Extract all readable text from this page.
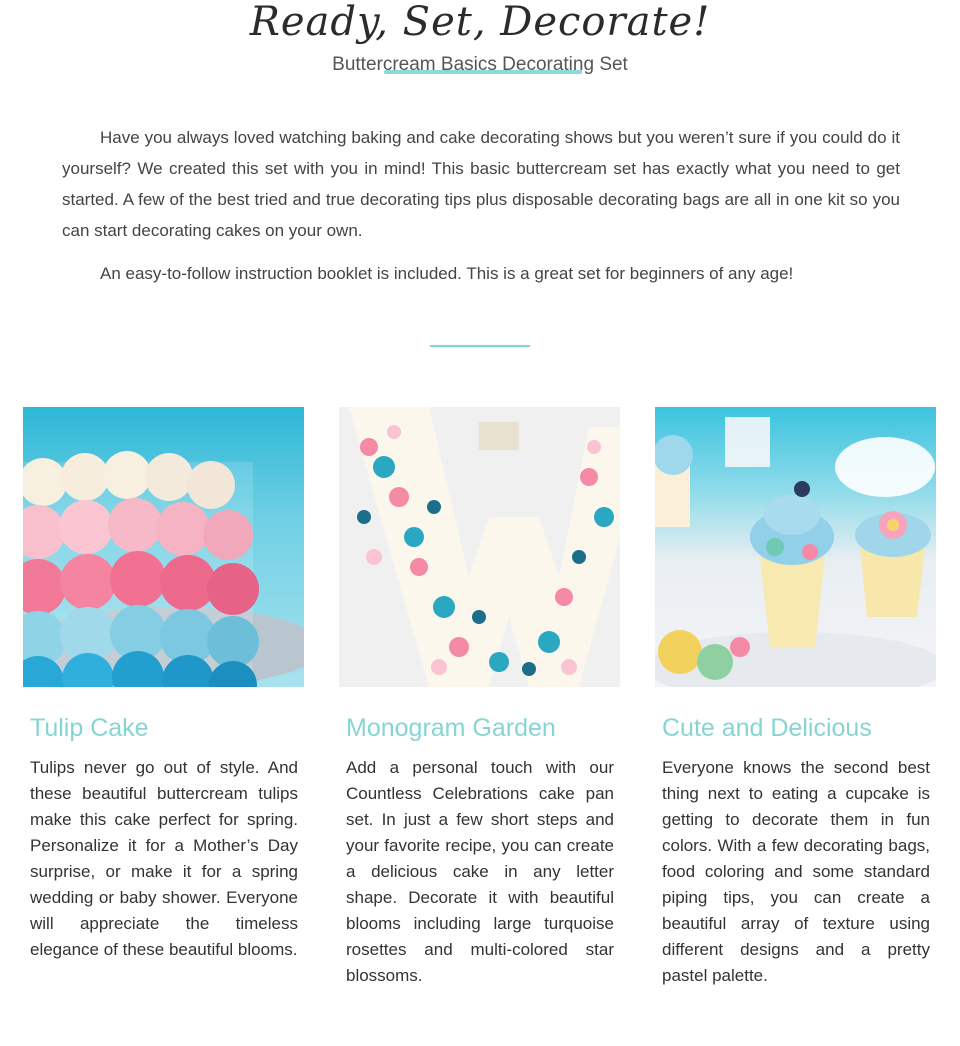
Ready, Set, Decorate!
Buttercream Basics Decorating Set

Have you always loved watching baking and cake decorating shows but you weren’t sure if you could do it yourself? We created this set with you in mind! This basic buttercream set has exactly what you need to get started. A few of the best tried and true decorating tips plus disposable decorating bags are all in one kit so you can start decorating cakes on your own.

An easy-to-follow instruction booklet is included. This is a great set for beginners of any age!

Tulip Cake

Tulips never go out of style. And these beautiful buttercream tulips make this cake perfect for spring. Personalize it for a Mother’s Day surprise, or make it for a spring wedding or baby shower. Everyone will appreciate the timeless elegance of these beautiful blooms.

Monogram Garden

Add a personal touch with our Countless Celebrations cake pan set. In just a few short steps and your favorite recipe, you can create a delicious cake in any letter shape. Decorate it with beautiful blooms including large turquoise rosettes and multi-colored star blossoms.

Cute and Delicious

Everyone knows the second best thing next to eating a cupcake is getting to decorate them in fun colors. With a few decorating bags, food coloring and some standard piping tips, you can create a beautiful array of texture using different designs and a pretty pastel palette.
